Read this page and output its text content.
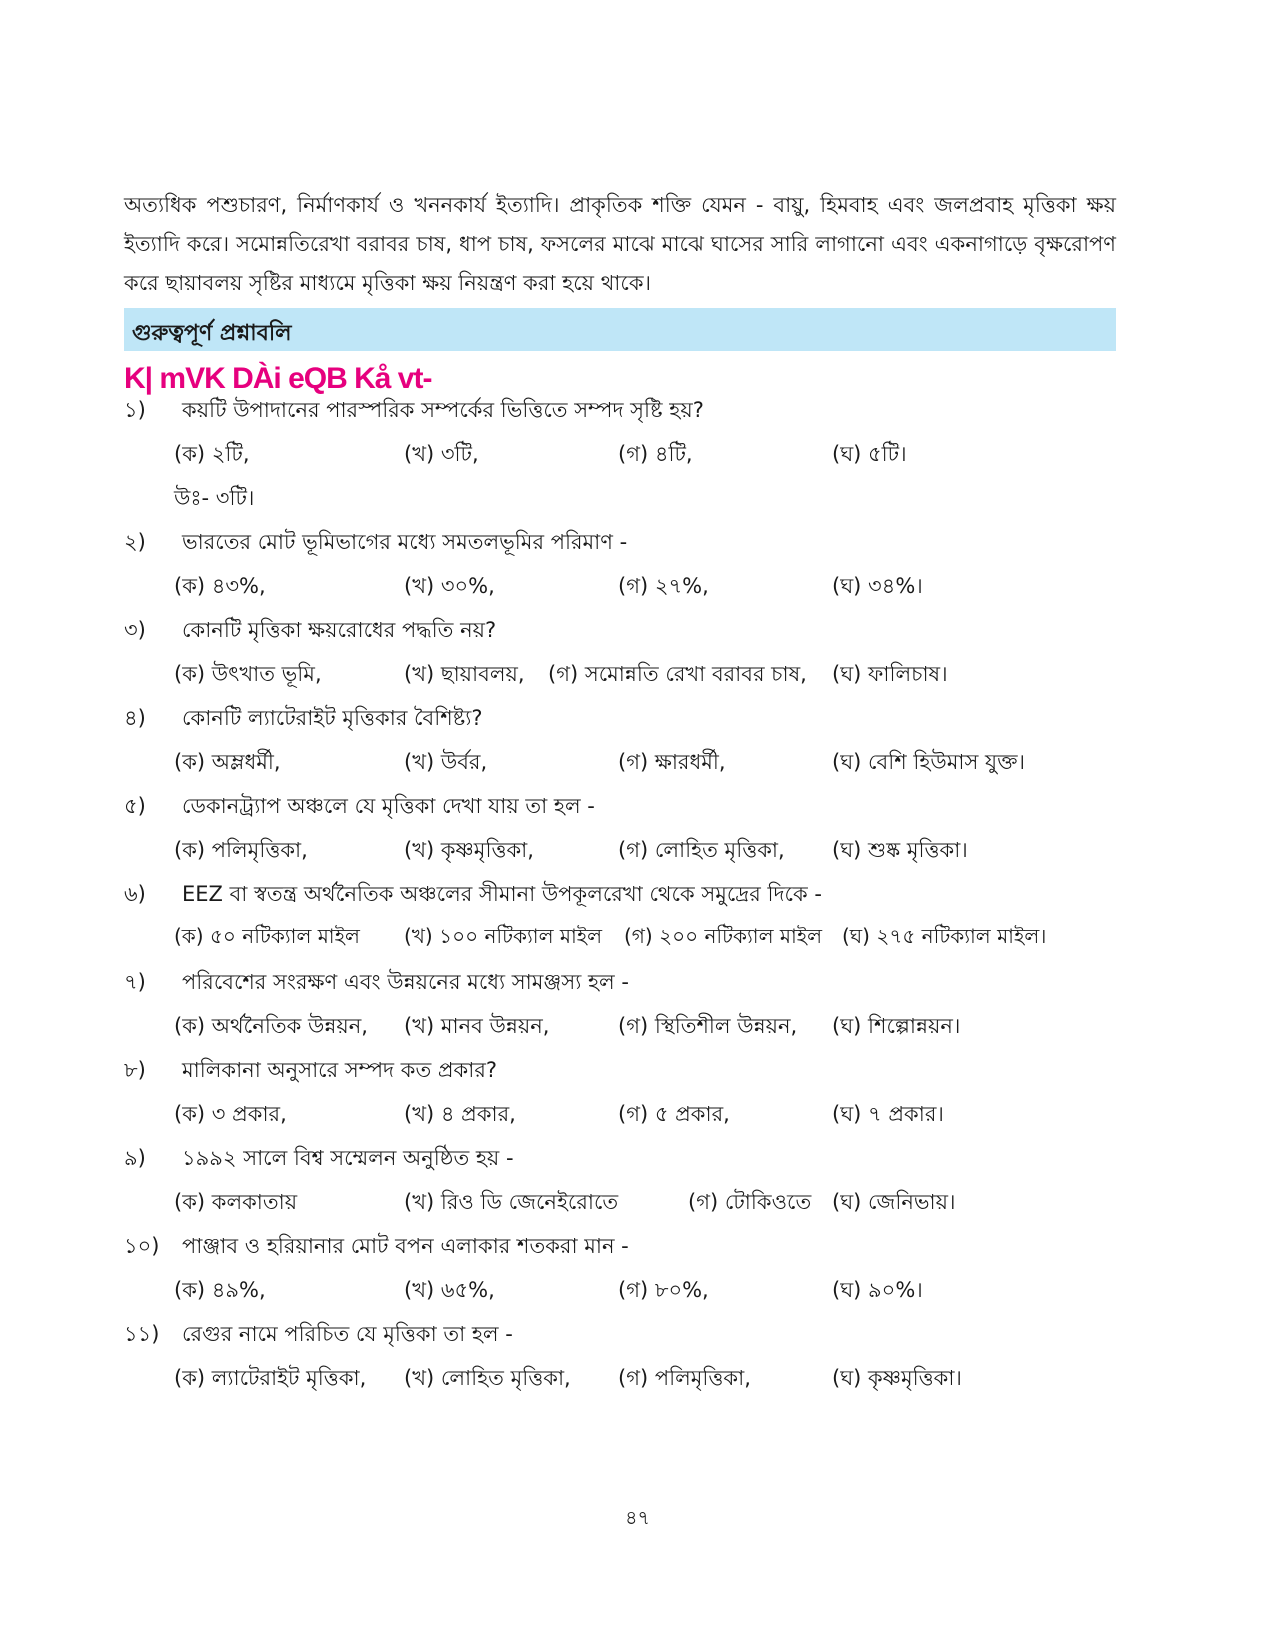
অত্যধিক পশুচারণ, নির্মাণকার্য ও খননকার্য ইত্যাদি। প্রাকৃতিক শক্তি যেমন - বায়ু, হিমবাহ এবং জলপ্রবাহ মৃত্তিকা ক্ষয় ইত্যাদি করে। সমোন্নতিরেখা বরাবর চাষ, ধাপ চাষ, ফসলের মাঝে মাঝে ঘাসের সারি লাগানো এবং একনাগাড়ে বৃক্ষরোপণ করে ছায়াবলয় সৃষ্টির মাধ্যমে মৃত্তিকা ক্ষয় নিয়ন্ত্রণ করা হয়ে থাকে।

গুরুত্বপূর্ণ প্রশ্নাবলি
K| mVK DÀi eQB Kå vt-
১) কয়টি উপাদানের পারস্পরিক সম্পর্কের ভিত্তিতে সম্পদ সৃষ্টি হয়?
(ক) ২টি,	(খ) ৩টি,	(গ) ৪টি,	(ঘ) ৫টি।
উঃ- ৩টি।
২) ভারতের মোট ভূমিভাগের মধ্যে সমতলভূমির পরিমাণ -
(ক) ৪৩%,	(খ) ৩০%,	(গ) ২৭%,	(ঘ) ৩৪%।
৩) কোনটি মৃত্তিকা ক্ষয়রোধের পদ্ধতি নয়?
(ক) উৎখাত ভূমি,	(খ) ছায়াবলয়, (গ) সমোন্নতি রেখা বরাবর চাষ, (ঘ) ফালিচাষ।
৪) কোনটি ল্যাটেরাইট মৃত্তিকার বৈশিষ্ট্য?
(ক) অম্লধর্মী,	(খ) উর্বর,	(গ) ক্ষারধর্মী,	(ঘ) বেশি হিউমাস যুক্ত।
৫) ডেকানট্র্যাপ অঞ্চলে যে মৃত্তিকা দেখা যায় তা হল -
(ক) পলিমৃত্তিকা,	(খ) কৃষ্ণমৃত্তিকা,	(গ) লোহিত মৃত্তিকা, (ঘ) শুষ্ক মৃত্তিকা।
৬) EEZ বা স্বতন্ত্র অর্থনৈতিক অঞ্চলের সীমানা উপকূলরেখা থেকে সমুদ্রের দিকে -
(ক) ৫০ নটিক্যাল মাইল (খ) ১০০ নটিক্যাল মাইল (গ) ২০০ নটিক্যাল মাইল (ঘ) ২৭৫ নটিক্যাল মাইল।
৭) পরিবেশের সংরক্ষণ এবং উন্নয়নের মধ্যে সামঞ্জস্য হল -
(ক) অর্থনৈতিক উন্নয়ন, (খ) মানব উন্নয়ন,	(গ) স্থিতিশীল উন্নয়ন, (ঘ) শিল্পোন্নয়ন।
৮) মালিকানা অনুসারে সম্পদ কত প্রকার?
(ক) ৩ প্রকার,	(খ) ৪ প্রকার,	(গ) ৫ প্রকার,	(ঘ) ৭ প্রকার।
৯) ১৯৯২ সালে বিশ্ব সম্মেলন অনুষ্ঠিত হয় -
(ক) কলকাতায়	(খ) রিও ডি জেনেইরোতে	(গ) টোকিওতে (ঘ) জেনিভায়।
১০) পাঞ্জাব ও হরিয়ানার মোট বপন এলাকার শতকরা মান -
(ক) ৪৯%,	(খ) ৬৫%,	(গ) ৮০%,	(ঘ) ৯০%।
১১) রেগুর নামে পরিচিত যে মৃত্তিকা তা হল -
(ক) ল্যাটেরাইট মৃত্তিকা, (খ) লোহিত মৃত্তিকা, (গ) পলিমৃত্তিকা,	(ঘ) কৃষ্ণমৃত্তিকা।
৪৭
